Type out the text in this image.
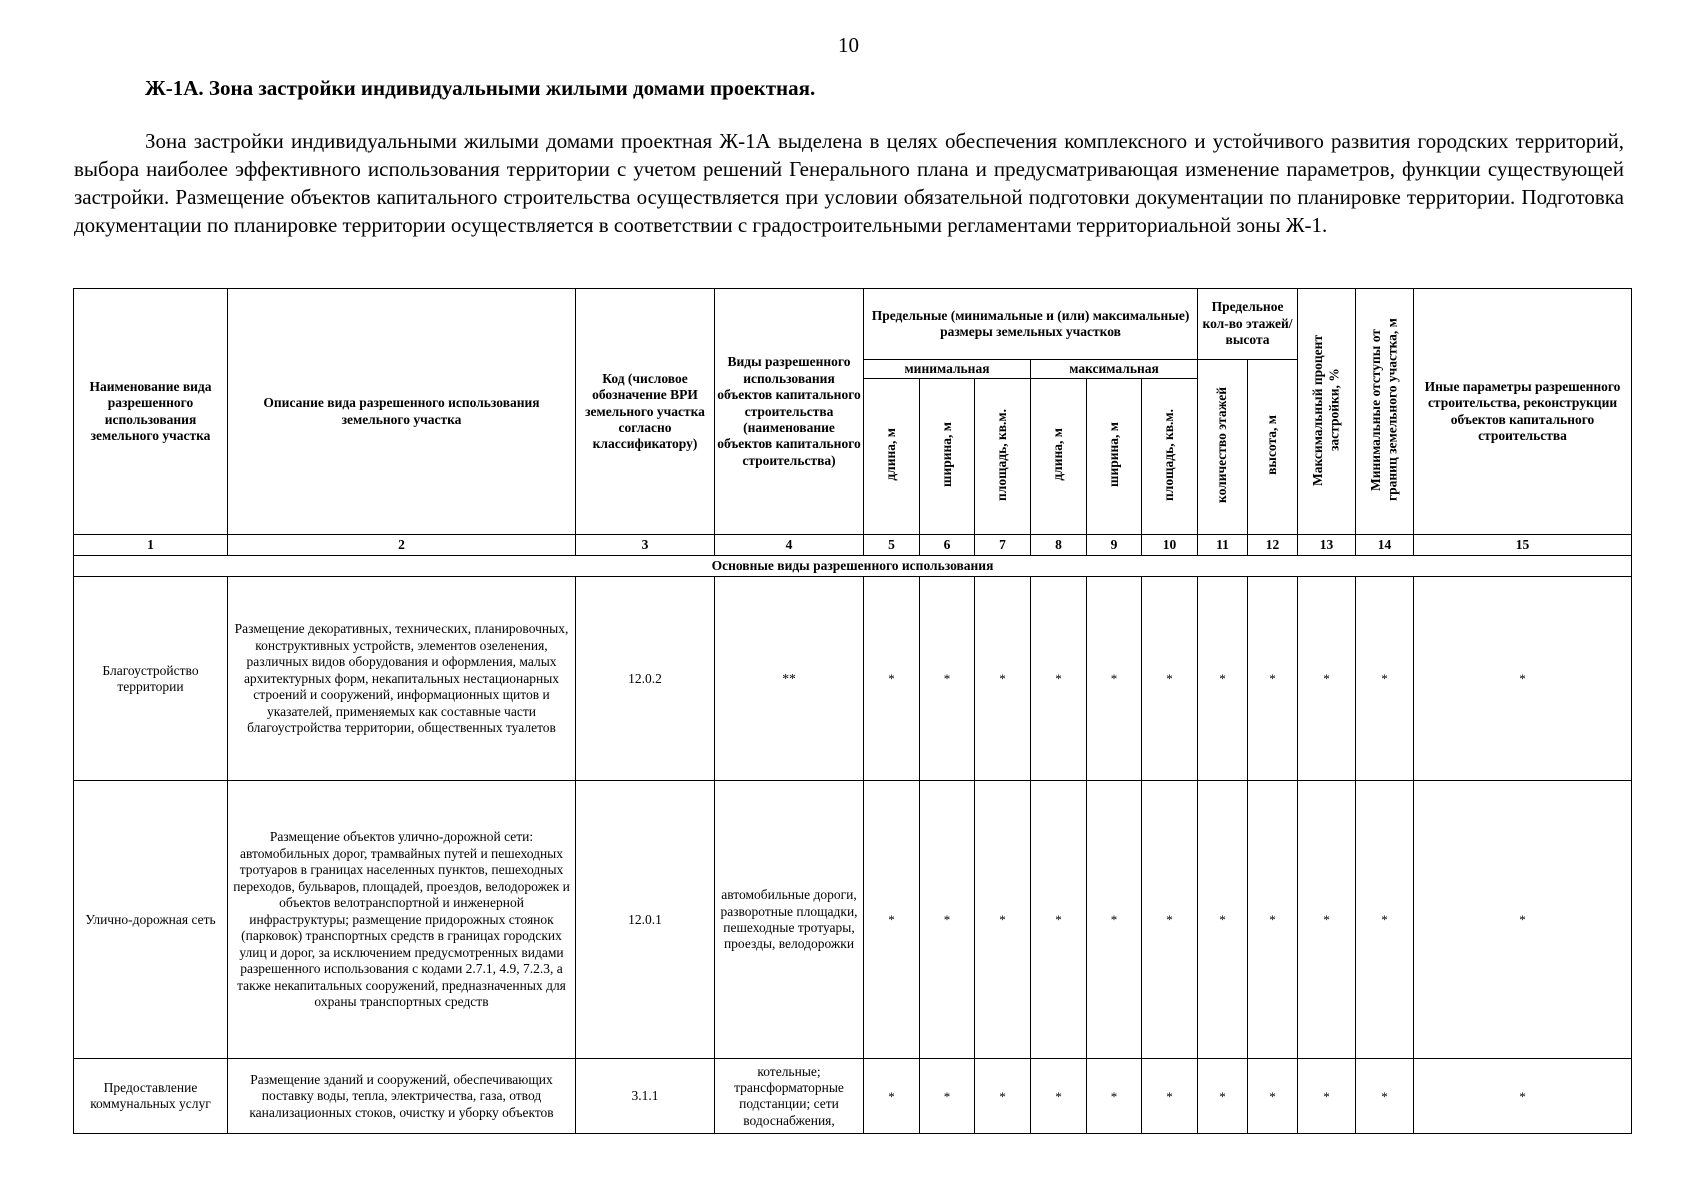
10
Ж-1А. Зона застройки индивидуальными жилыми домами проектная.

Зона застройки индивидуальными жилыми домами проектная Ж-1А выделена в целях обеспечения комплексного и устойчивого развития городских территорий, выбора наиболее эффективного использования территории с учетом решений Генерального плана и предусматривающая изменение параметров, функции существующей застройки. Размещение объектов капитального строительства осуществляется при условии обязательной подготовки документации по планировке территории. Подготовка документации по планировке территории осуществляется в соответствии с градостроительными регламентами территориальной зоны Ж-1.

Наименование вида разрешенного использования земельного участка	Описание вида разрешенного использования земельного участка	Код (числовое обозначение ВРИ земельного участка согласно классификатору)	Виды разрешенного использования объектов капитального строительства (наименование объектов капитального строительства)	Предельные (минимальные и (или) максимальные) размеры земельных участков						Предельное кол-во этажей/ высота		Максимальный процент застройки, %	Минимальные отступы от границ земельного участка, м	Иные параметры разрешенного строительства, реконструкции объектов капитального строительства
				минимальная			максимальная			количество этажей	высота, м			
				длина, м	ширина, м	площадь, кв.м.	длина, м	ширина, м	площадь, кв.м.					
1	2	3	4	5	6	7	8	9	10	11	12	13	14	15
Основные виды разрешенного использования														
Благоустройство территории	Размещение декоративных, технических, планировочных, конструктивных устройств, элементов озеленения, различных видов оборудования и оформления, малых архитектурных форм, некапитальных нестационарных строений и сооружений, информационных щитов и указателей, применяемых как составные части благоустройства территории, общественных туалетов	12.0.2	**	*	*	*	*	*	*	*	*	*	*	*
Улично-дорожная сеть	Размещение объектов улично-дорожной сети: автомобильных дорог, трамвайных путей и пешеходных тротуаров в границах населенных пунктов, пешеходных переходов, бульваров, площадей, проездов, велодорожек и объектов велотранспортной и инженерной инфраструктуры; размещение придорожных стоянок (парковок) транспортных средств в границах городских улиц и дорог, за исключением предусмотренных видами разрешенного использования с кодами 2.7.1, 4.9, 7.2.3, а также некапитальных сооружений, предназначенных для охраны транспортных средств	12.0.1	автомобильные дороги, разворотные площадки, пешеходные тротуары, проезды, велодорожки	*	*	*	*	*	*	*	*	*	*	*
Предоставление коммунальных услуг	Размещение зданий и сооружений, обеспечивающих поставку воды, тепла, электричества, газа, отвод канализационных стоков, очистку и уборку объектов	3.1.1	котельные; трансформаторные подстанции; сети водоснабжения,	*	*	*	*	*	*	*	*	*	*	*
